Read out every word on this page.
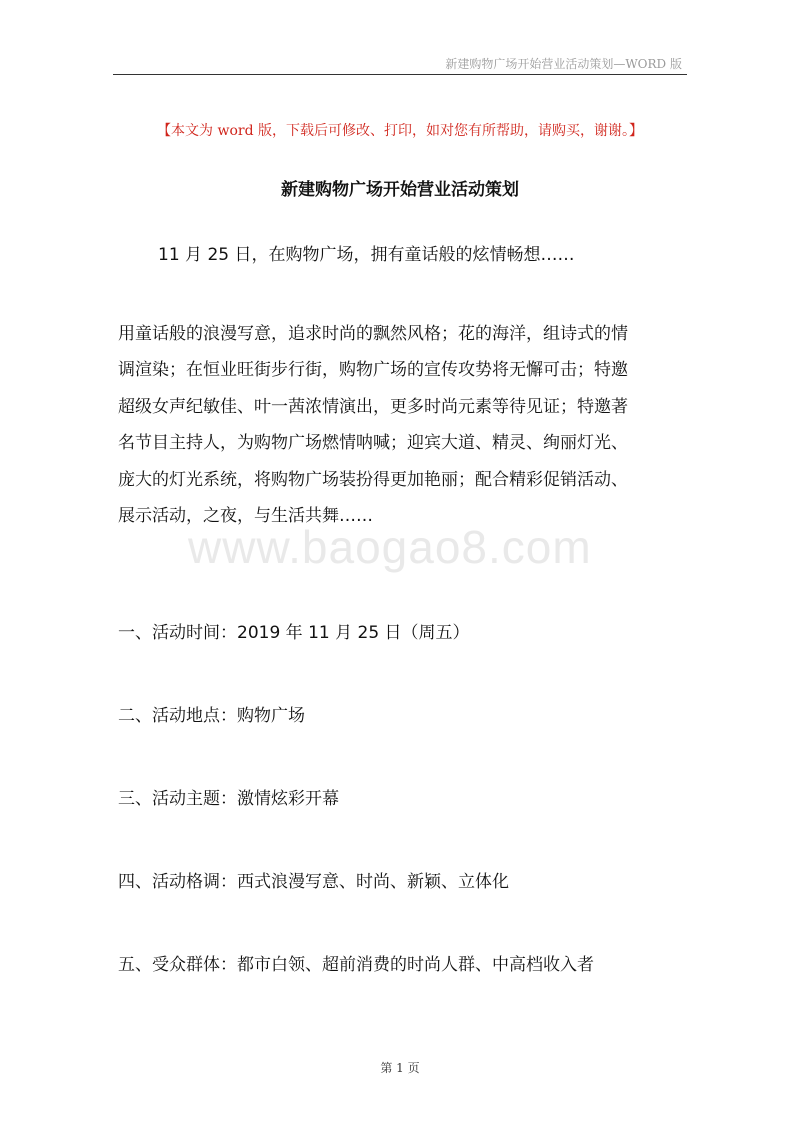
新建购物广场开始营业活动策划—WORD 版
【本文为 word 版，下载后可修改、打印，如对您有所帮助，请购买，谢谢。】
新建购物广场开始营业活动策划
11 月 25 日，在购物广场，拥有童话般的炫情畅想……
用童话般的浪漫写意，追求时尚的飘然风格；花的海洋，组诗式的情
调渲染；在恒业旺街步行街，购物广场的宣传攻势将无懈可击；特邀
超级女声纪敏佳、叶一茜浓情演出，更多时尚元素等待见证；特邀著
名节目主持人，为购物广场燃情呐喊；迎宾大道、精灵、绚丽灯光、
庞大的灯光系统，将购物广场装扮得更加艳丽；配合精彩促销活动、
展示活动，之夜，与生活共舞……
www.baogao8.com
一、活动时间：2019 年 11 月 25 日（周五）
二、活动地点：购物广场
三、活动主题：激情炫彩开幕
四、活动格调：西式浪漫写意、时尚、新颖、立体化
五、受众群体：都市白领、超前消费的时尚人群、中高档收入者
第 1 页
